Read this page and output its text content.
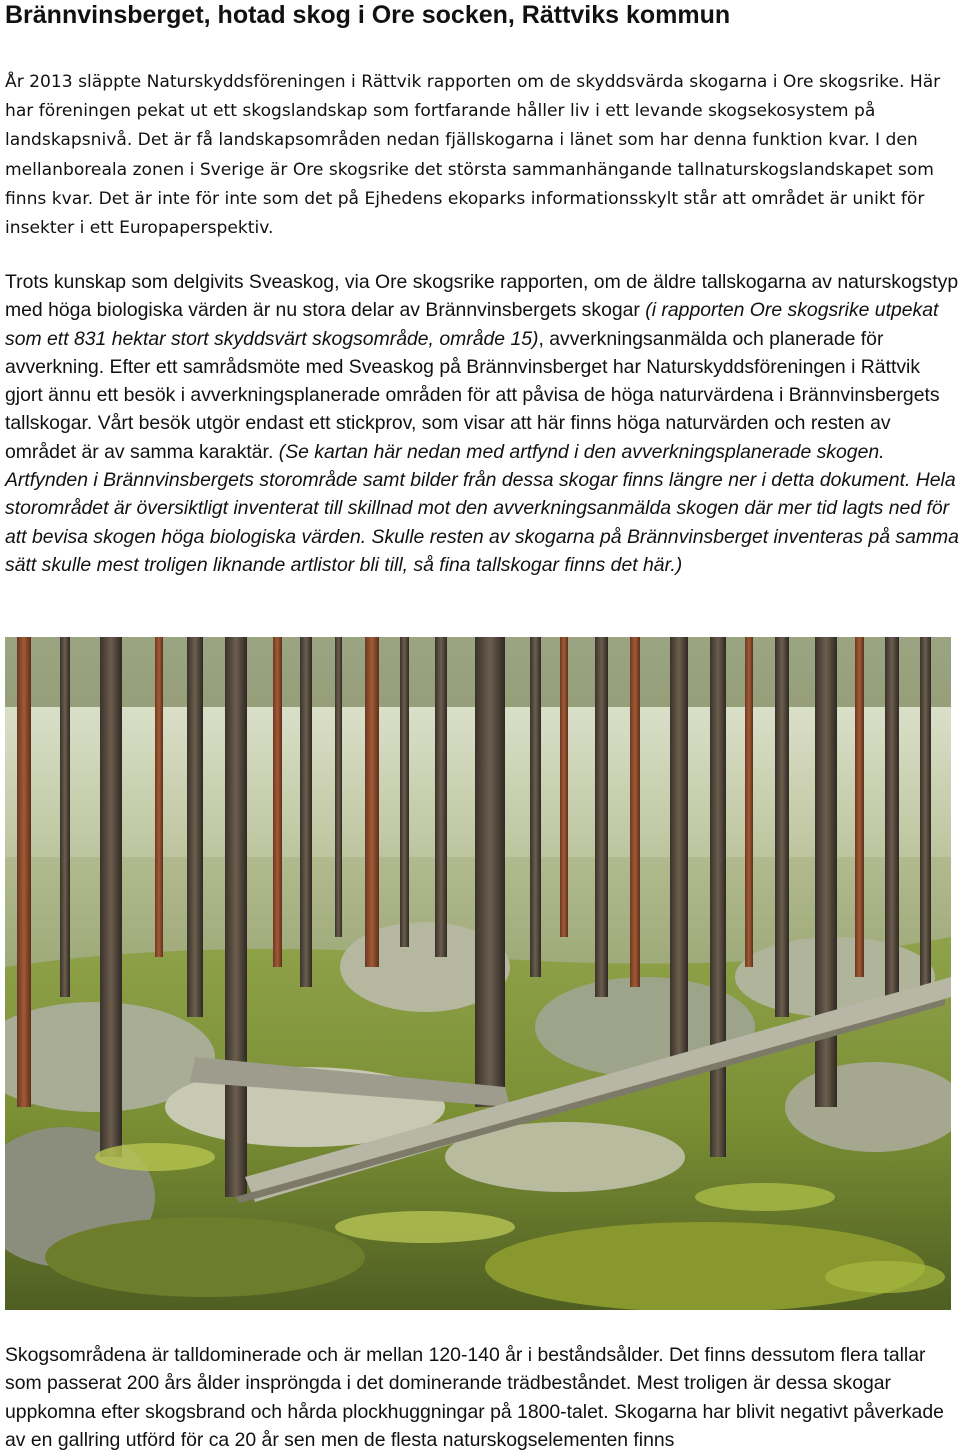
Brännvinsberget, hotad skog i Ore socken, Rättviks kommun

År 2013 släppte Naturskyddsföreningen i Rättvik rapporten om de skyddsvärda skogarna i Ore skogsrike. Här har föreningen pekat ut ett skogslandskap som fortfarande håller liv i ett levande skogsekosystem på landskapsnivå. Det är få landskapsområden nedan fjällskogarna i länet som har denna funktion kvar. I den mellanboreala zonen i Sverige är Ore skogsrike det största sammanhängande tallnaturskogslandskapet som finns kvar. Det är inte för inte som det på Ejhedens ekoparks informationsskylt står att området är unikt för insekter i ett Europaperspektiv.

Trots kunskap som delgivits Sveaskog, via Ore skogsrike rapporten, om de äldre tallskogarna av naturskogstyp med höga biologiska värden är nu stora delar av Brännvinsbergets skogar (i rapporten Ore skogsrike utpekat som ett 831 hektar stort skyddsvärt skogsområde, område 15), avverkningsanmälda och planerade för avverkning. Efter ett samrådsmöte med Sveaskog på Brännvinsberget har Naturskyddsföreningen i Rättvik gjort ännu ett besök i avverkningsplanerade områden för att påvisa de höga naturvärdena i Brännvinsbergets tallskogar. Vårt besök utgör endast ett stickprov, som visar att här finns höga naturvärden och resten av området är av samma karaktär. (Se kartan här nedan med artfynd i den avverkningsplanerade skogen. Artfynden i Brännvinsbergets storområde samt bilder från dessa skogar finns längre ner i detta dokument. Hela storområdet är översiktligt inventerat till skillnad mot den avverkningsanmälda skogen där mer tid lagts ned för att bevisa skogen höga biologiska värden. Skulle resten av skogarna på Brännvinsberget inventeras på samma sätt skulle mest troligen liknande artlistor bli till, så fina tallskogar finns det här.)

Skogsområdena är talldominerade och är mellan 120-140 år i beståndsålder. Det finns dessutom flera tallar som passerat 200 års ålder inspröngda i det dominerande trädbeståndet. Mest troligen är dessa skogar uppkomna efter skogsbrand och hårda plockhuggningar på 1800-talet. Skogarna har blivit negativt påverkade av en gallring utförd för ca 20 år sen men de flesta naturskogselementen finns
